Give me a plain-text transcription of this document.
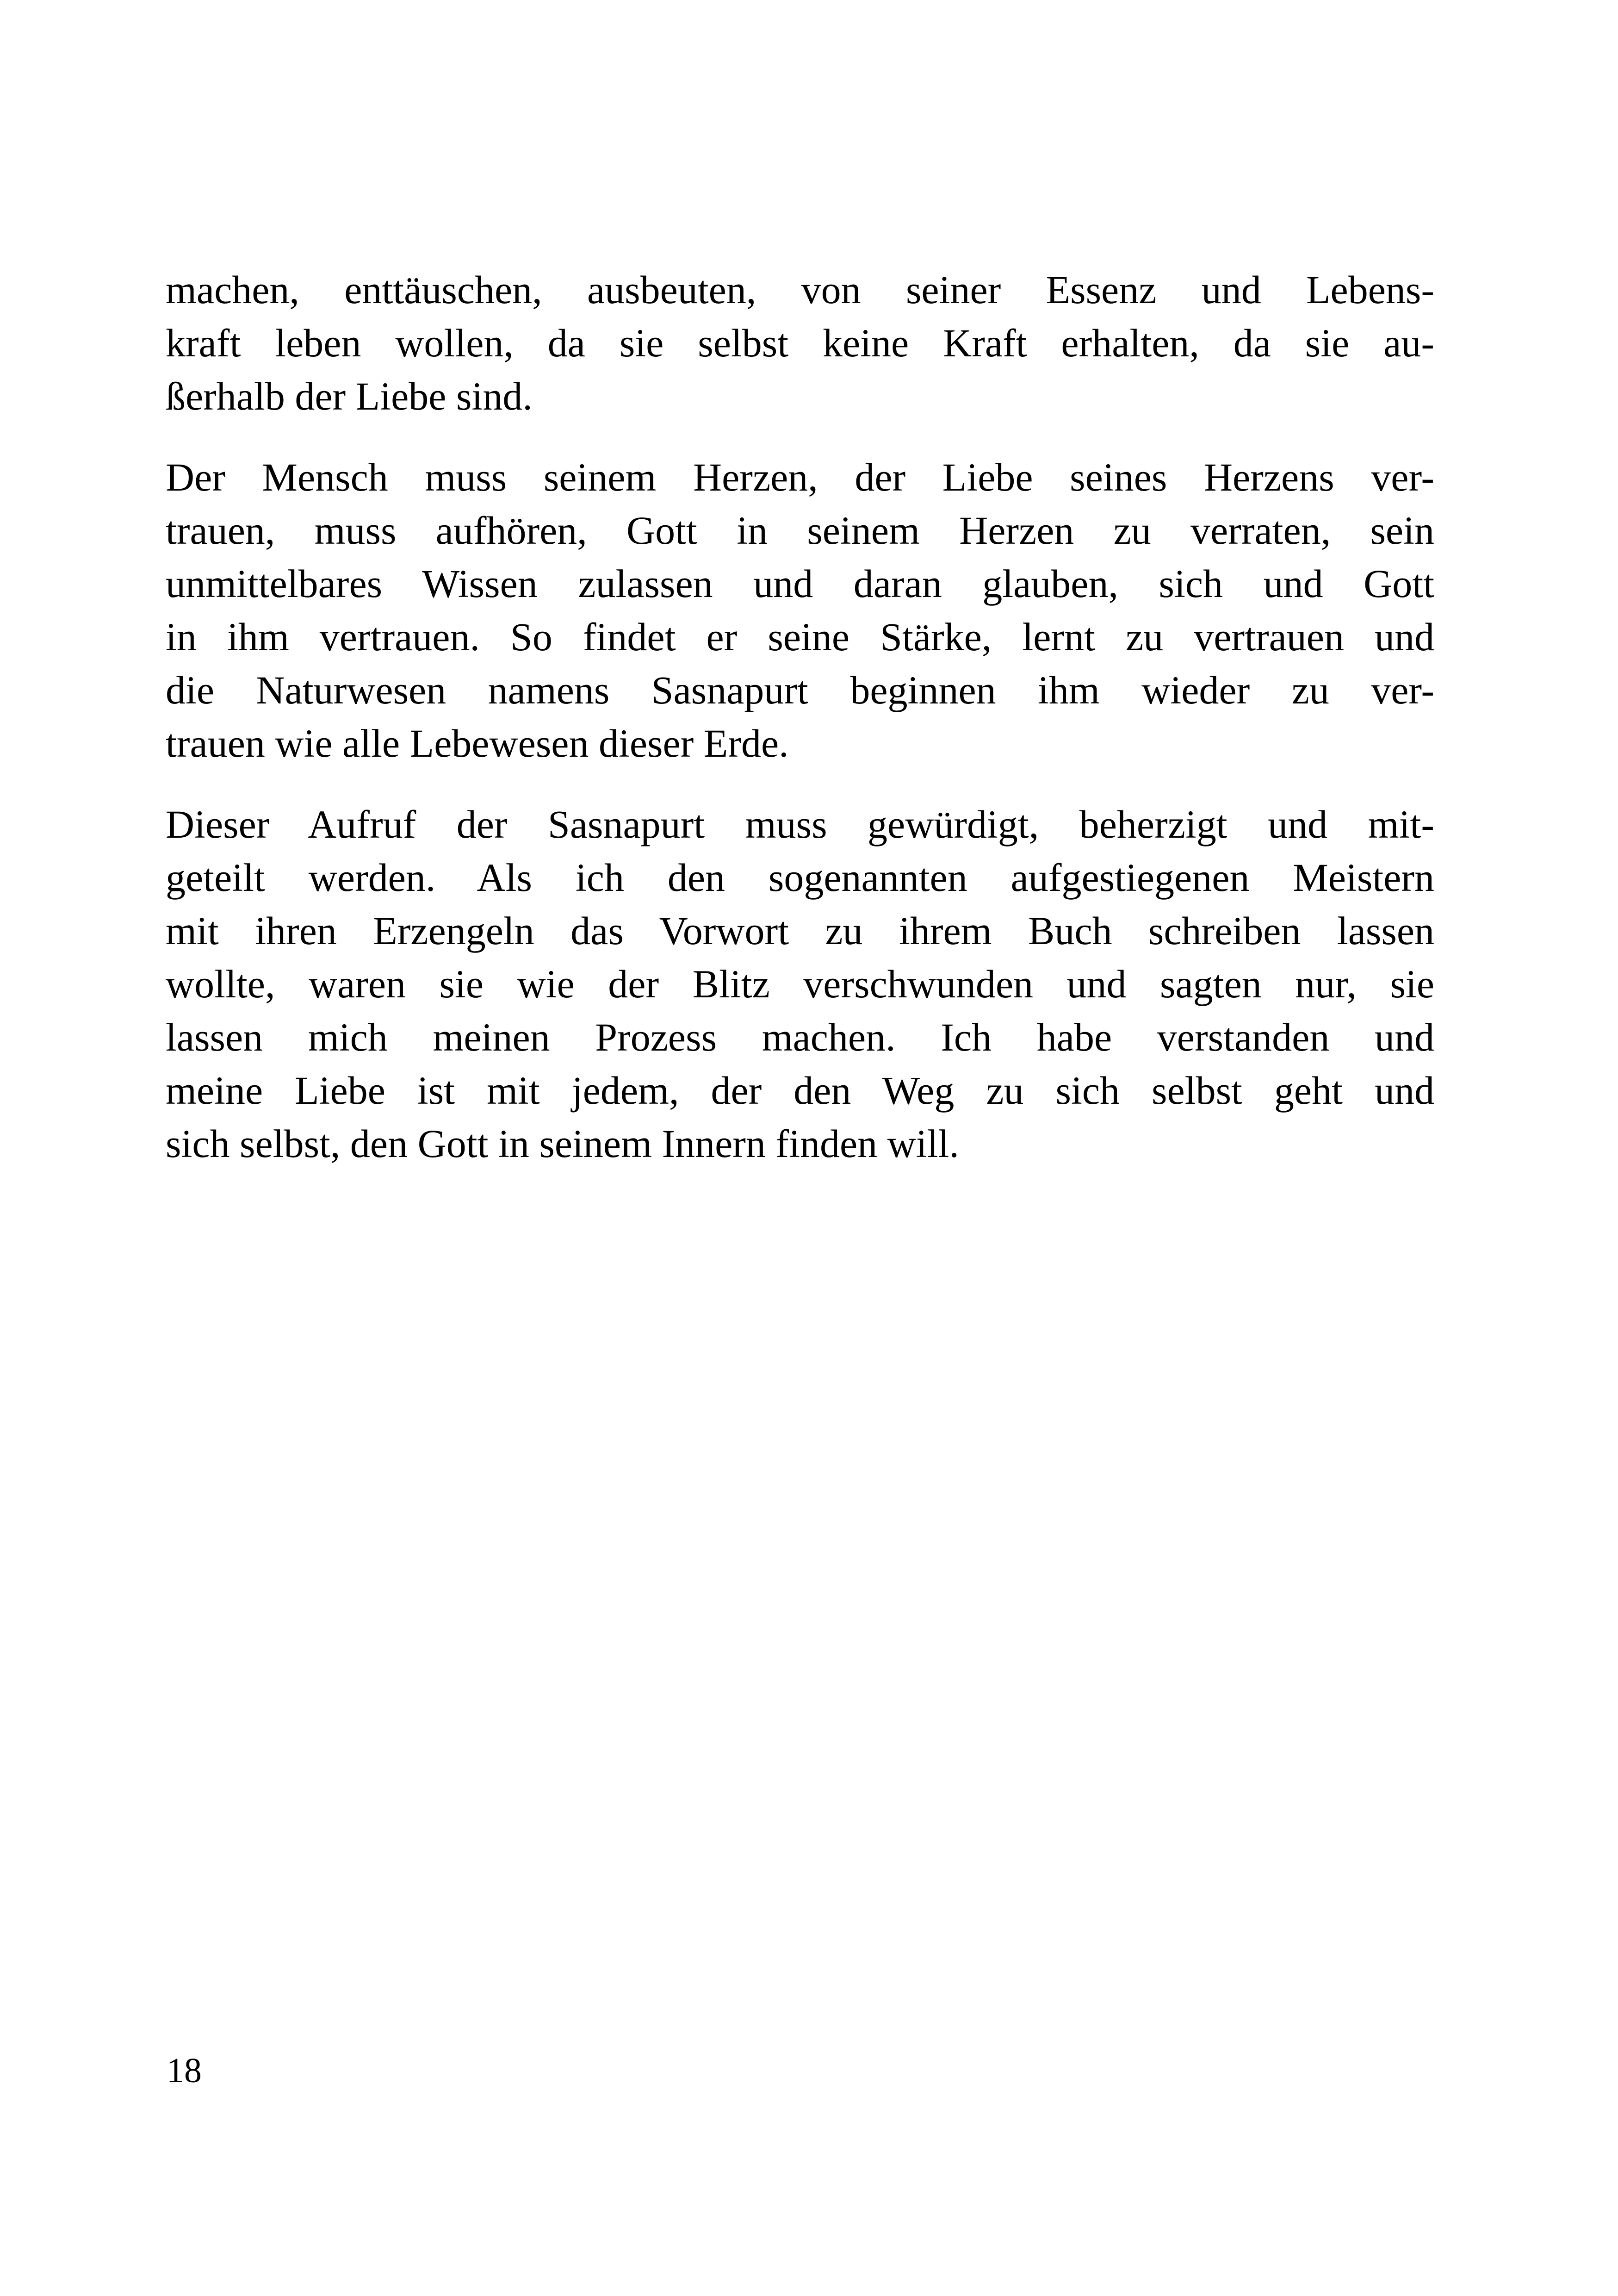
machen, enttäuschen, ausbeuten, von seiner Essenz und Lebens-
kraft leben wollen, da sie selbst keine Kraft erhalten, da sie au-
ßerhalb der Liebe sind.

Der Mensch muss seinem Herzen, der Liebe seines Herzens ver-
trauen, muss aufhören, Gott in seinem Herzen zu verraten, sein
unmittelbares Wissen zulassen und daran glauben, sich und Gott
in ihm vertrauen. So findet er seine Stärke, lernt zu vertrauen und
die Naturwesen namens Sasnapurt beginnen ihm wieder zu ver-
trauen wie alle Lebewesen dieser Erde.

Dieser Aufruf der Sasnapurt muss gewürdigt, beherzigt und mit-
geteilt werden. Als ich den sogenannten aufgestiegenen Meistern
mit ihren Erzengeln das Vorwort zu ihrem Buch schreiben lassen
wollte, waren sie wie der Blitz verschwunden und sagten nur, sie
lassen mich meinen Prozess machen. Ich habe verstanden und
meine Liebe ist mit jedem, der den Weg zu sich selbst geht und
sich selbst, den Gott in seinem Innern finden will.

18
